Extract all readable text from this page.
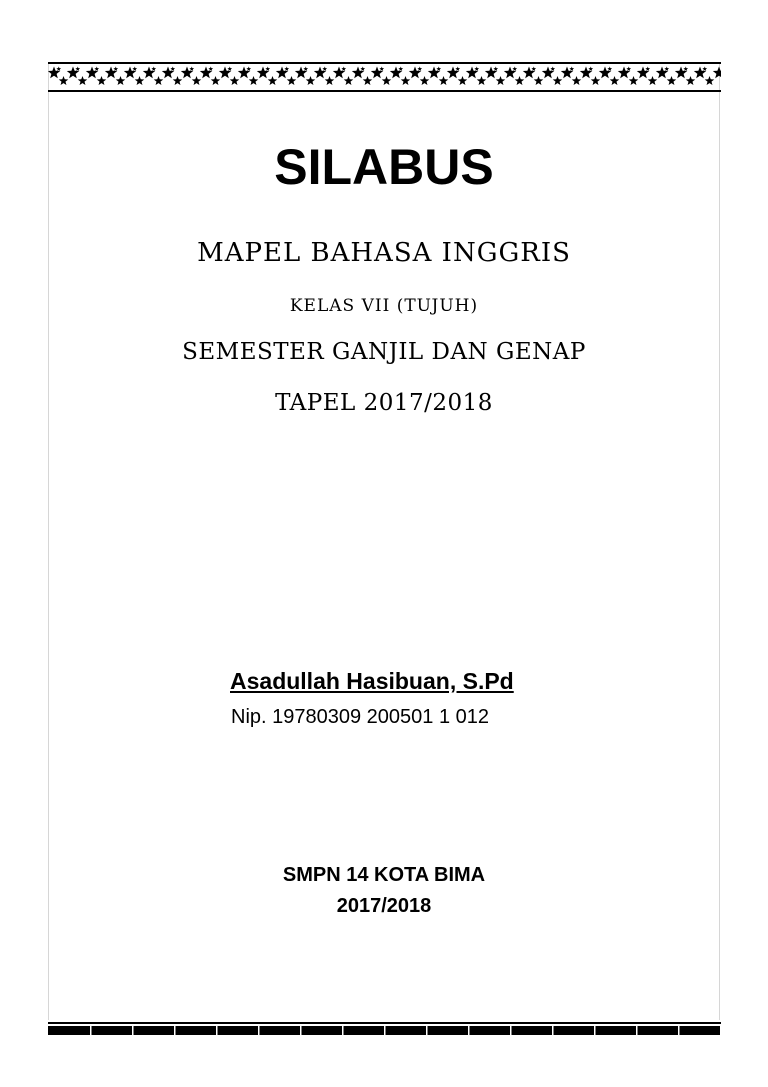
SILABUS
MAPEL BAHASA INGGRIS
KELAS VII (TUJUH)
SEMESTER GANJIL DAN GENAP
TAPEL 2017/2018
Asadullah Hasibuan, S.Pd
Nip. 19780309 200501 1 012
SMPN 14 KOTA BIMA
2017/2018
